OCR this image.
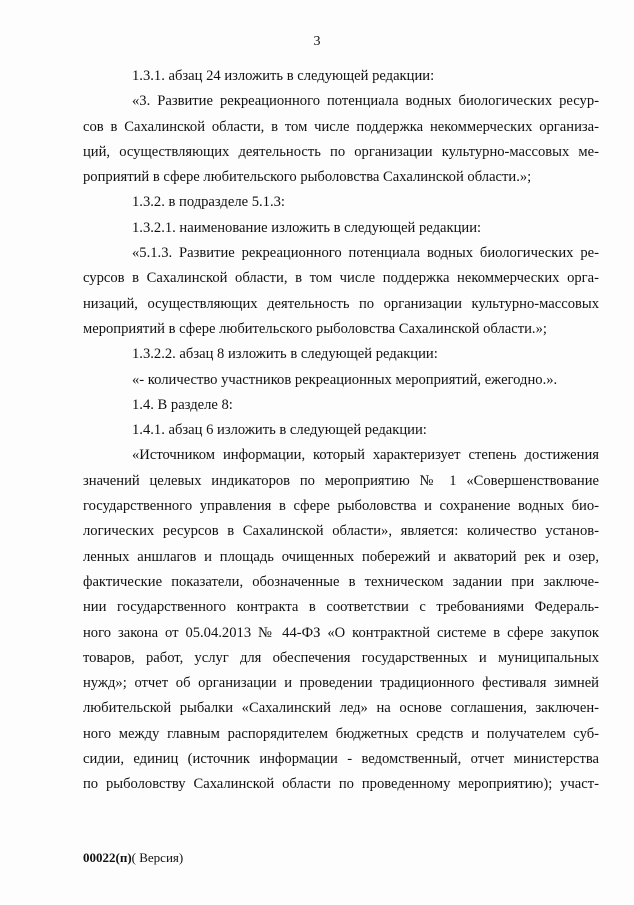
3
1.3.1. абзац 24 изложить в следующей редакции:
«3. Развитие рекреационного потенциала водных биологических ресур-
сов в Сахалинской области, в том числе поддержка некоммерческих организа-
ций, осуществляющих деятельность по организации культурно-массовых ме-
роприятий в сфере любительского рыболовства Сахалинской области.»;
1.3.2. в подразделе 5.1.3:
1.3.2.1. наименование изложить в следующей редакции:
«5.1.3. Развитие рекреационного потенциала водных биологических ре-
сурсов в Сахалинской области, в том числе поддержка некоммерческих орга-
низаций, осуществляющих деятельность по организации культурно-массовых
мероприятий в сфере любительского рыболовства Сахалинской области.»;
1.3.2.2. абзац 8 изложить в следующей редакции:
«- количество участников рекреационных мероприятий, ежегодно.».
1.4. В разделе 8:
1.4.1. абзац 6 изложить в следующей редакции:
«Источником информации, который характеризует степень достижения
значений целевых индикаторов по мероприятию № 1 «Совершенствование
государственного управления в сфере рыболовства и сохранение водных био-
логических ресурсов в Сахалинской области», является: количество установ-
ленных аншлагов и площадь очищенных побережий и акваторий рек и озер,
фактические показатели, обозначенные в техническом задании при заключе-
нии государственного контракта в соответствии с требованиями Федераль-
ного закона от 05.04.2013 № 44-ФЗ «О контрактной системе в сфере закупок
товаров, работ, услуг для обеспечения государственных и муниципальных
нужд»; отчет об организации и проведении традиционного фестиваля зимней
любительской рыбалки «Сахалинский лед» на основе соглашения, заключен-
ного между главным распорядителем бюджетных средств и получателем суб-
сидии, единиц (источник информации - ведомственный, отчет министерства
по рыболовству Сахалинской области по проведенному мероприятию); участ-
00022(п)( Версия)
